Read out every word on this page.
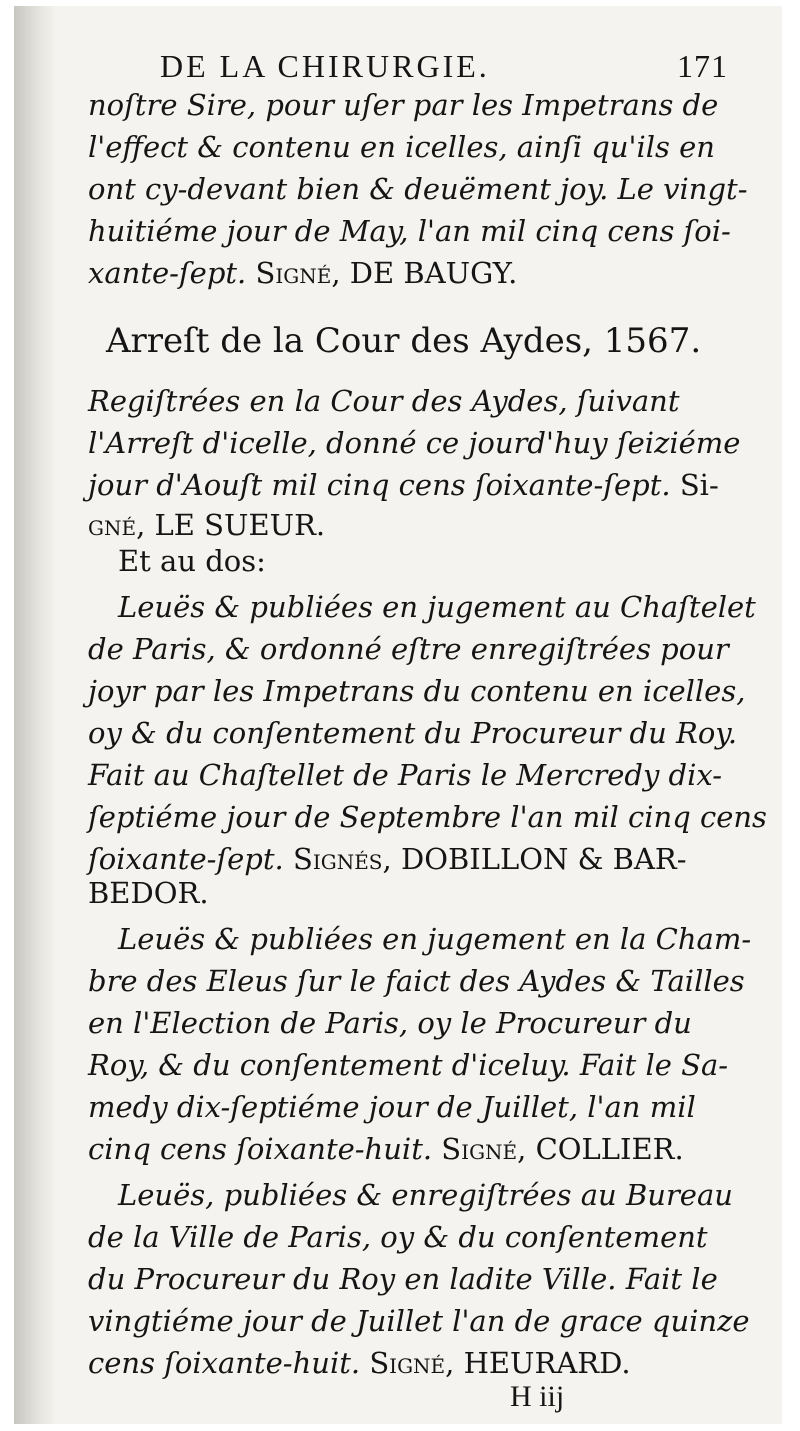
DE LA CHIRURGIE.	171
noſtre Sire, pour uſer par les Impetrans de
l'effect & contenu en icelles, ainſi qu'ils en
ont cy-devant bien & deuëment joy. Le vingt-
huitiéme jour de May, l'an mil cinq cens ſoi-
xante-ſept. Signé, DE BAUGY.
Arreſt de la Cour des Aydes, 1567.
Regiſtrées en la Cour des Aydes, ſuivant
l'Arreſt d'icelle, donné ce jourd'huy ſeiziéme
jour d'Aouſt mil cinq cens ſoixante-ſept. Si-
gné, LE SUEUR.
Et au dos:
Leuës & publiées en jugement au Chaſtelet
de Paris, & ordonné eſtre enregiſtrées pour
joyr par les Impetrans du contenu en icelles,
oy & du conſentement du Procureur du Roy.
Fait au Chaſtellet de Paris le Mercredy dix-
ſeptiéme jour de Septembre l'an mil cinq cens
ſoixante-ſept. Signés, DOBILLON & BAR-
BEDOR.
Leuës & publiées en jugement en la Cham-
bre des Eleus ſur le faict des Aydes & Tailles
en l'Election de Paris, oy le Procureur du
Roy, & du conſentement d'iceluy. Fait le Sa-
medy dix-ſeptiéme jour de Juillet, l'an mil
cinq cens ſoixante-huit. Signé, COLLIER.
Leuës, publiées & enregiſtrées au Bureau
de la Ville de Paris, oy & du conſentement
du Procureur du Roy en ladite Ville. Fait le
vingtiéme jour de Juillet l'an de grace quinze
cens ſoixante-huit. Signé, HEURARD.
H iij
